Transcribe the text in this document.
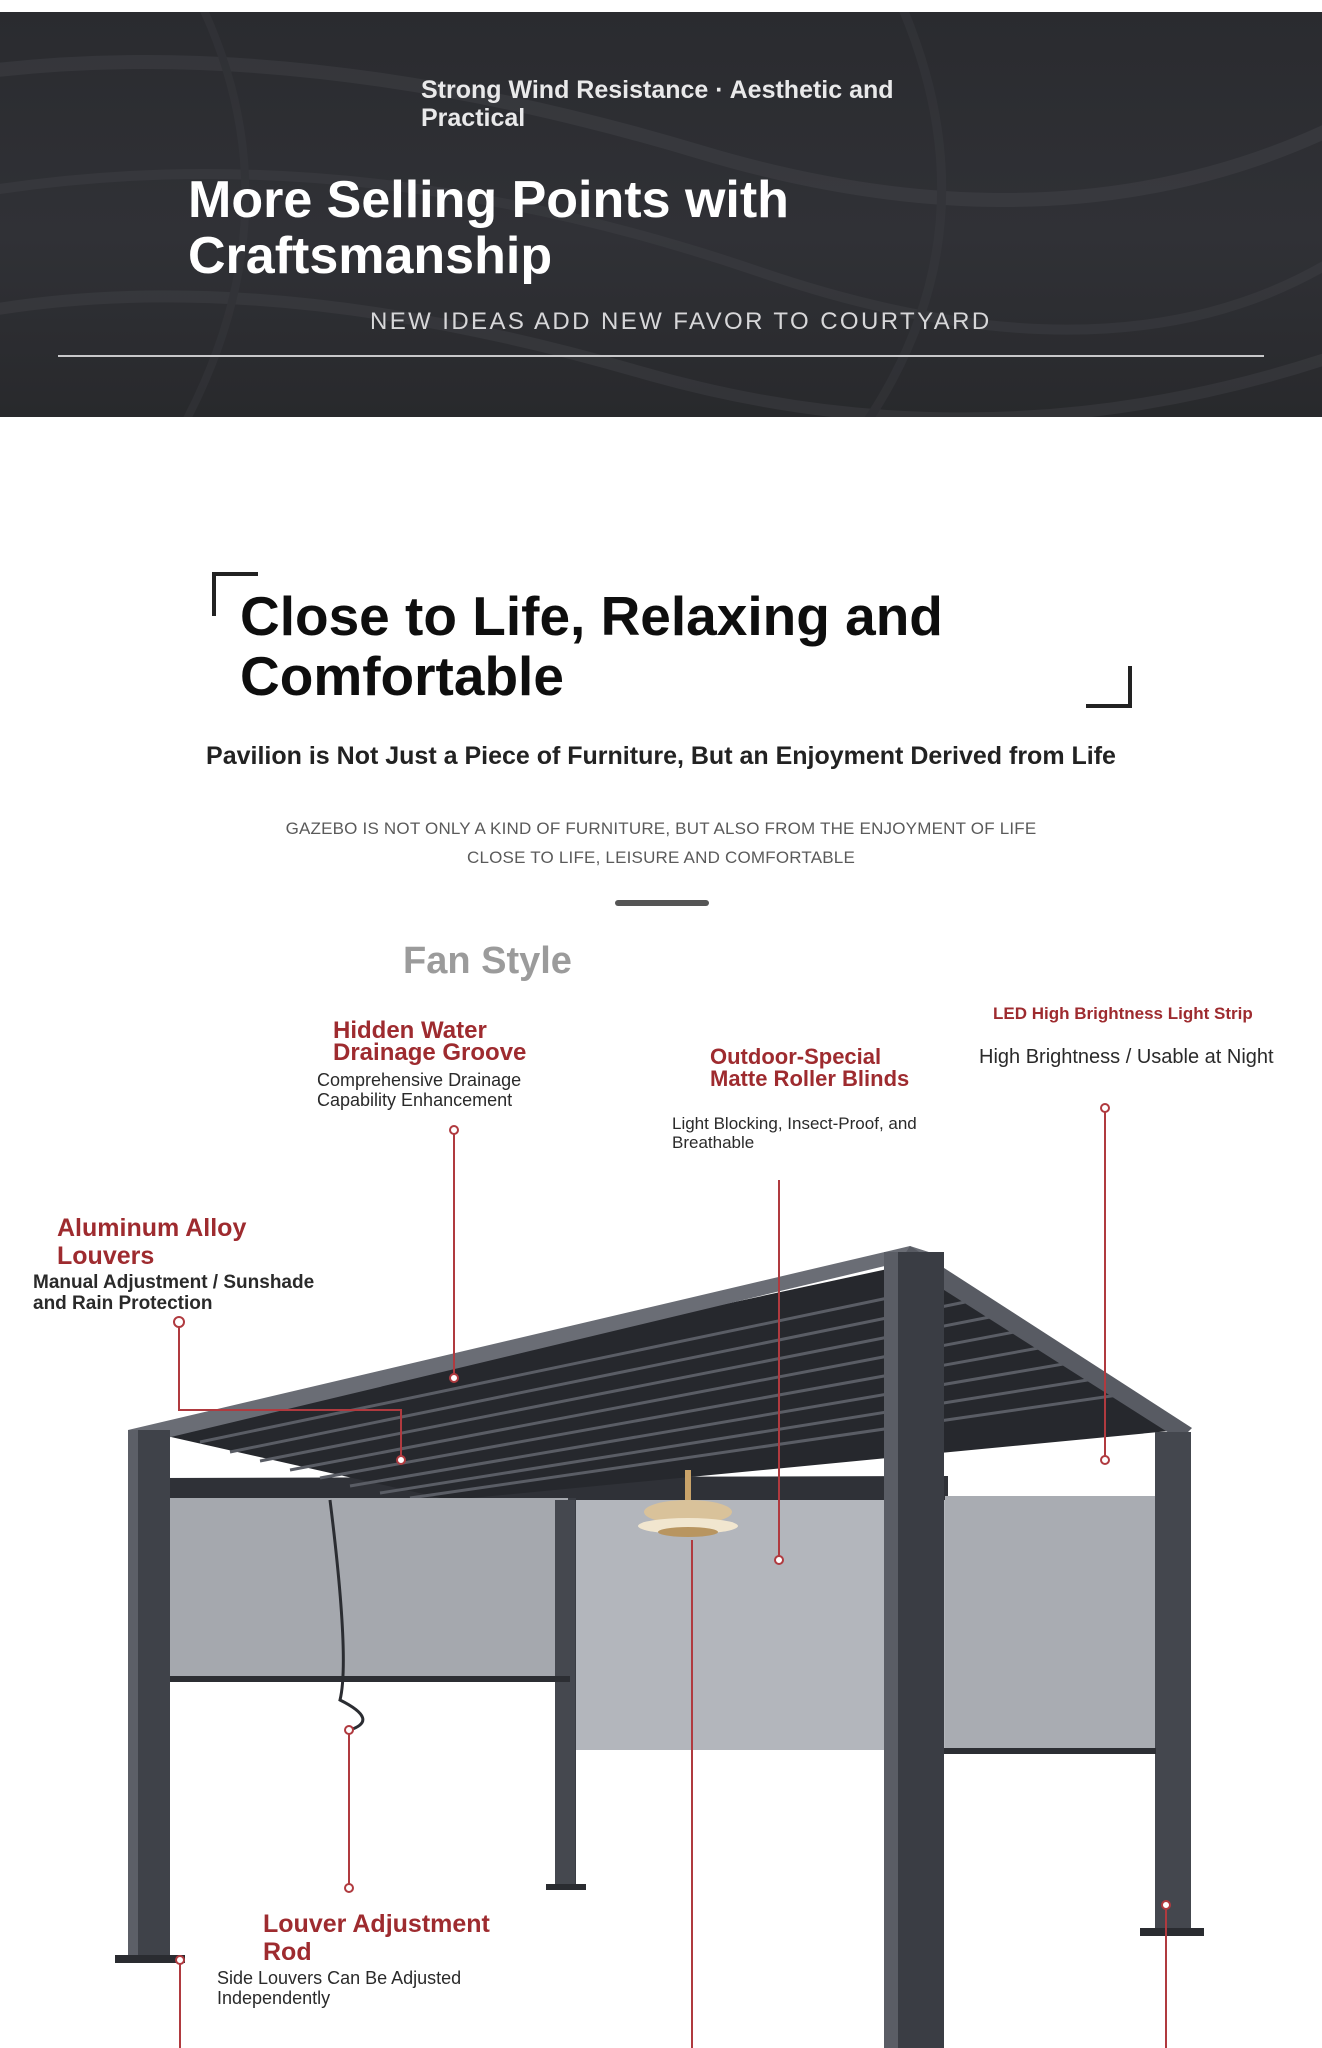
Strong Wind Resistance · Aesthetic and Practical
More Selling Points with Craftsmanship
NEW IDEAS ADD NEW FAVOR TO COURTYARD
Close to Life, Relaxing and Comfortable
Pavilion is Not Just a Piece of Furniture, But an Enjoyment Derived from Life
GAZEBO IS NOT ONLY A KIND OF FURNITURE, BUT ALSO FROM THE ENJOYMENT OF LIFE
CLOSE TO LIFE, LEISURE AND COMFORTABLE
Fan Style
Hidden Water Drainage Groove
Comprehensive Drainage Capability Enhancement
Outdoor-Special Matte Roller Blinds
Light Blocking, Insect-Proof, and Breathable
LED High Brightness Light Strip
High Brightness / Usable at Night
Aluminum Alloy Louvers
Manual Adjustment / Sunshade and Rain Protection
Louver Adjustment Rod
Side Louvers Can Be Adjusted Independently
